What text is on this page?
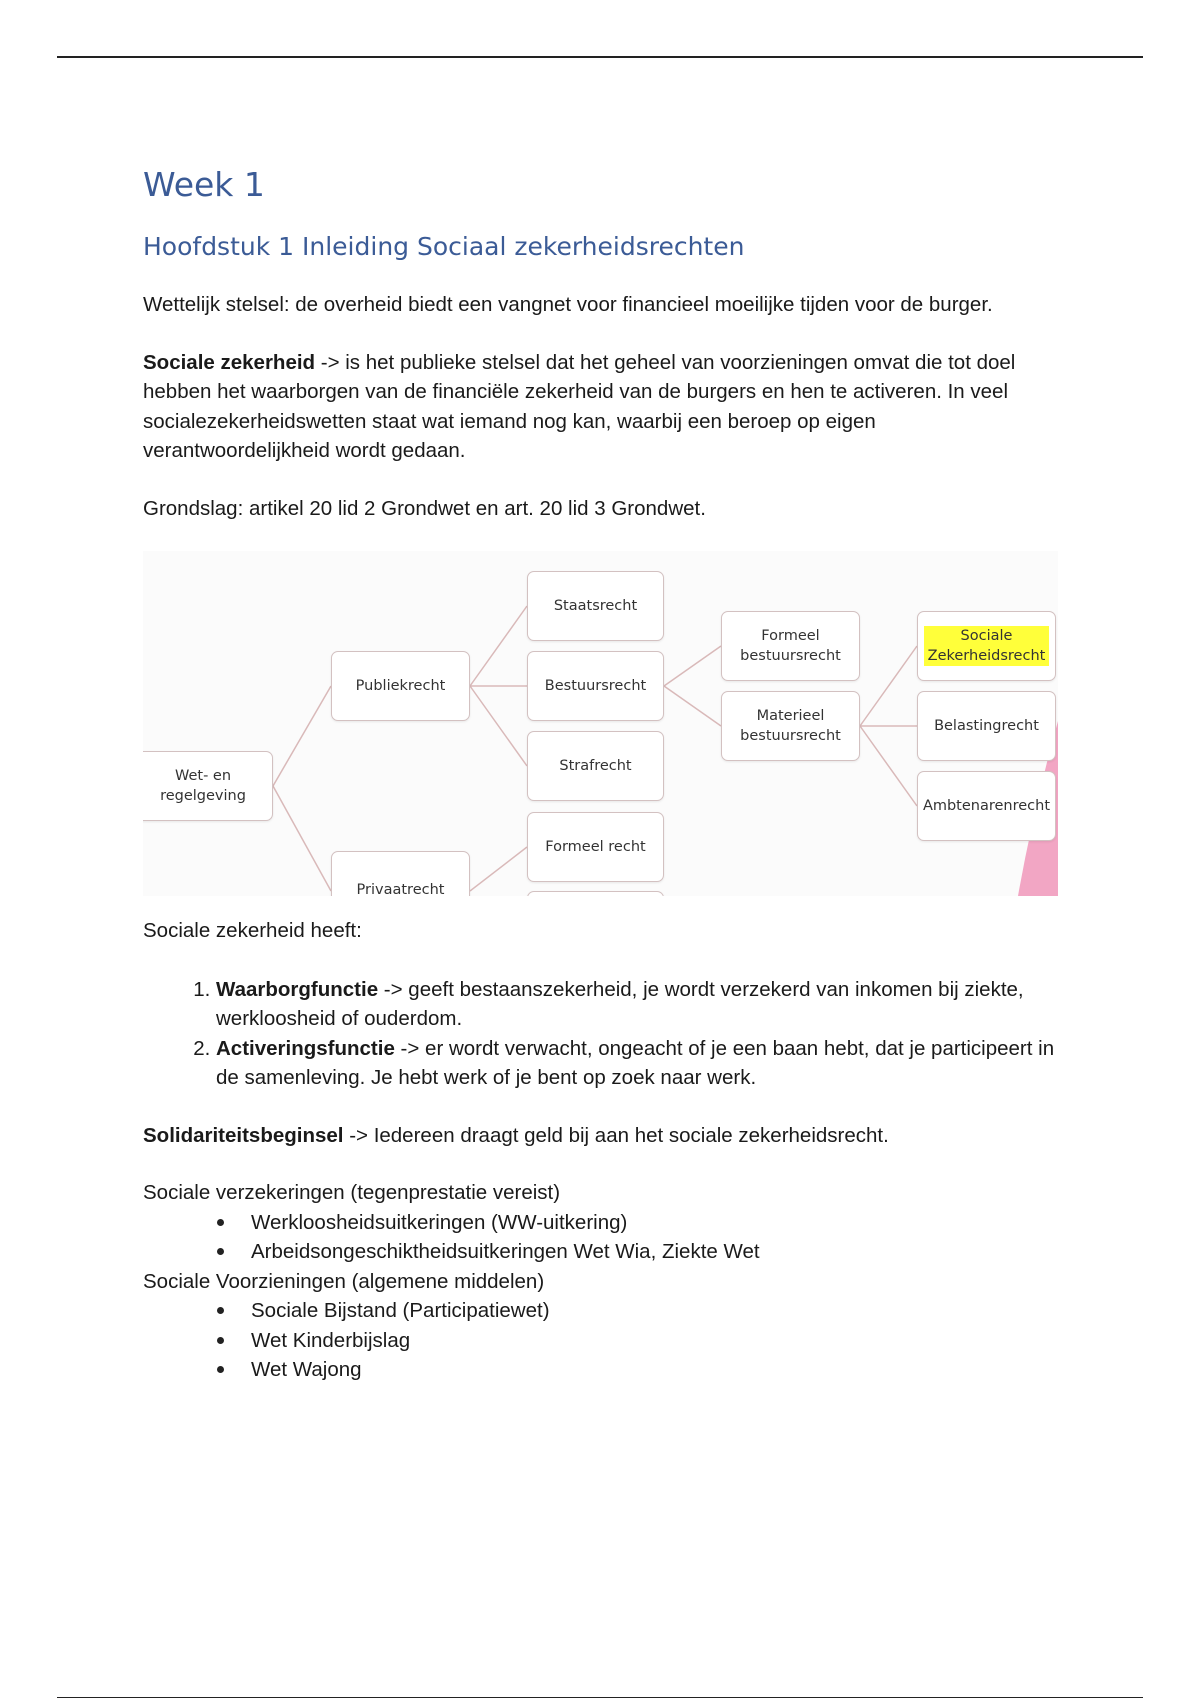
Week 1
Hoofdstuk 1 Inleiding Sociaal zekerheidsrechten

Wettelijk stelsel: de overheid biedt een vangnet voor financieel moeilijke tijden voor de burger.

Sociale zekerheid -> is het publieke stelsel dat het geheel van voorzieningen omvat die tot doel hebben het waarborgen van de financiële zekerheid van de burgers en hen te activeren. In veel socialezekerheidswetten staat wat iemand nog kan, waarbij een beroep op eigen verantwoordelijkheid wordt gedaan.

Grondslag: artikel 20 lid 2 Grondwet en art. 20 lid 3 Grondwet.

Wet- en regelgeving
Publiekrecht
Privaatrecht
Staatsrecht
Bestuursrecht
Strafrecht
Formeel recht
Formeel bestuursrecht
Materieel bestuursrecht
Sociale Zekerheidsrecht
Belastingrecht
Ambtenarenrecht

Sociale zekerheid heeft:

1. Waarborgfunctie -> geeft bestaanszekerheid, je wordt verzekerd van inkomen bij ziekte, werkloosheid of ouderdom.
2. Activeringsfunctie -> er wordt verwacht, ongeacht of je een baan hebt, dat je participeert in de samenleving. Je hebt werk of je bent op zoek naar werk.

Solidariteitsbeginsel -> Iedereen draagt geld bij aan het sociale zekerheidsrecht.

Sociale verzekeringen (tegenprestatie vereist)

Werkloosheidsuitkeringen (WW-uitkering)
Arbeidsongeschiktheidsuitkeringen Wet Wia, Ziekte Wet

Sociale Voorzieningen (algemene middelen)

Sociale Bijstand (Participatiewet)
Wet Kinderbijslag
Wet Wajong
